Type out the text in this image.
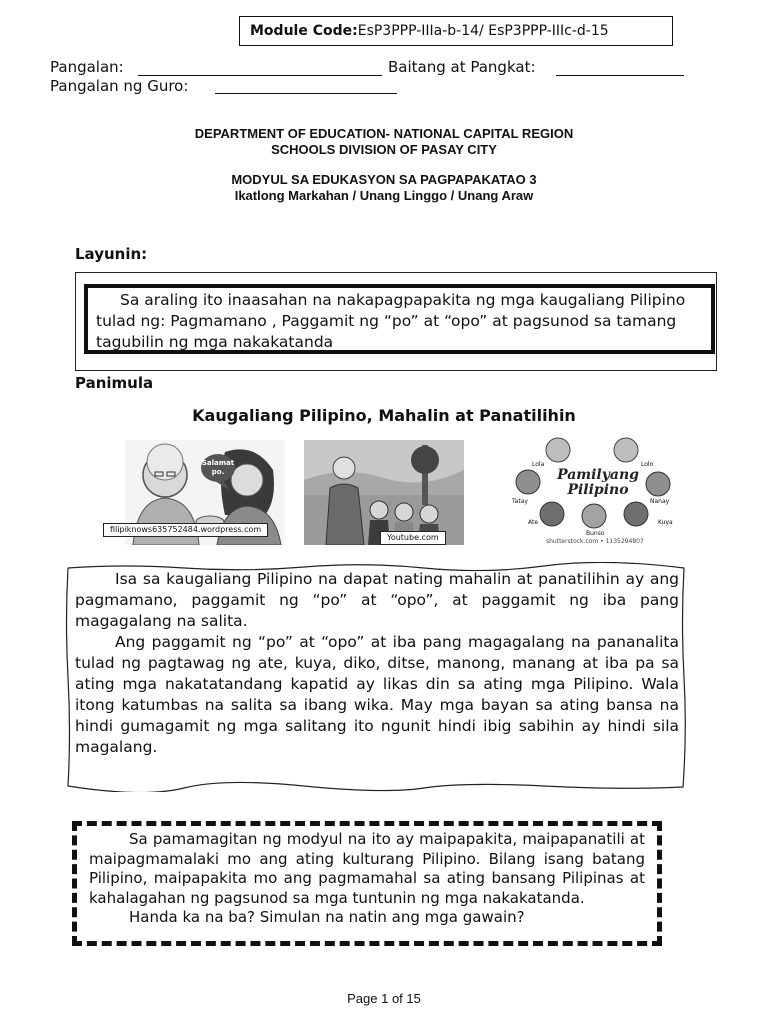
Module Code:EsP3PPP-IIIa-b-14/ EsP3PPP-IIIc-d-15
Pangalan:	Baitang at Pangkat:
Pangalan ng Guro:
DEPARTMENT OF EDUCATION- NATIONAL CAPITAL REGION
SCHOOLS DIVISION OF PASAY CITY
MODYUL SA EDUKASYON SA PAGPAPAKATAO 3
Ikatlong Markahan / Unang Linggo / Unang Araw
Layunin:
Sa araling ito inaasahan na nakapagpapakita ng mga kaugaliang Pilipino tulad ng: Pagmamano , Paggamit ng “po” at “opo” at pagsunod sa tamang tagubilin ng mga nakakatanda
Panimula
Kaugaliang Pilipino, Mahalin at Panatilihin
Salamat po.
filipiknows635752484.wordpress.com
Youtube.com
Pamilyang Pilipino
Lola	Lolo
Tatay	Nanay
Ate	Kuya
Bunso
shutterstock.com • 1135294807
Isa sa kaugaliang Pilipino na dapat nating mahalin at panatilihin ay ang pagmamano, paggamit ng “po” at “opo”, at paggamit ng iba pang magagalang na salita.
Ang paggamit ng “po” at “opo” at iba pang magagalang na pananalita tulad ng pagtawag ng ate, kuya, diko, ditse, manong, manang at iba pa sa ating mga nakatatandang kapatid ay likas din sa ating mga Pilipino. Wala itong katumbas na salita sa ibang wika. May mga bayan sa ating bansa na hindi gumagamit ng mga salitang ito ngunit hindi ibig sabihin ay hindi sila magalang.
Sa pamamagitan ng modyul na ito ay maipapakita, maipapanatili at maipagmamalaki mo ang ating kulturang Pilipino. Bilang isang batang Pilipino, maipapakita mo ang pagmamahal sa ating bansang Pilipinas at kahalagahan ng pagsunod sa mga tuntunin ng mga nakakatanda.
Handa ka na ba? Simulan na natin ang mga gawain?
Page 1 of 15
